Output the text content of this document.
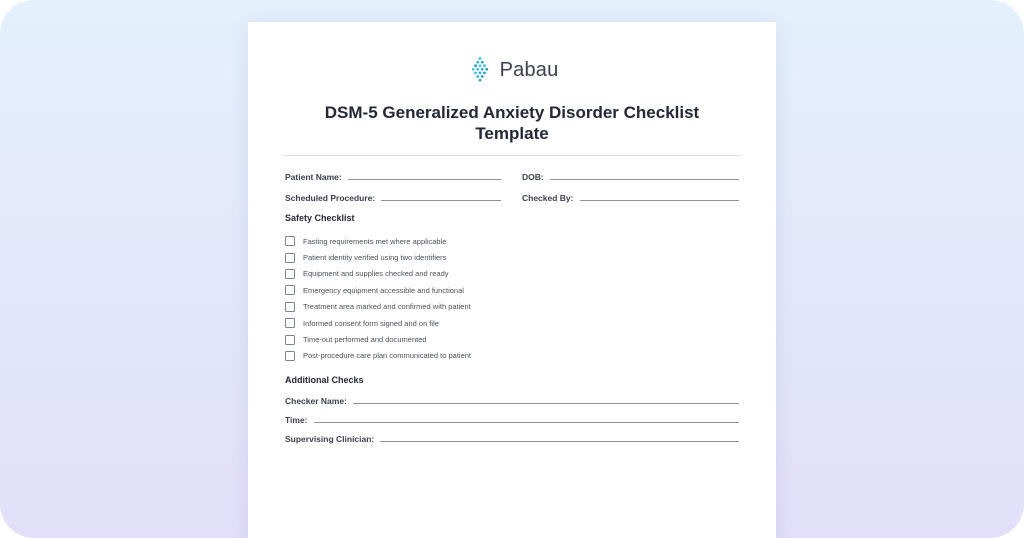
Pabau
DSM-5 Generalized Anxiety Disorder Checklist Template
Patient Name:	DOB:
Scheduled Procedure:	Checked By:
Safety Checklist
Fasting requirements met where applicable
Patient identity verified using two identifiers
Equipment and supplies checked and ready
Emergency equipment accessible and functional
Treatment area marked and confirmed with patient
Informed consent form signed and on file
Time-out performed and documented
Post-procedure care plan communicated to patient
Additional Checks
Checker Name:
Time:
Supervising Clinician:
